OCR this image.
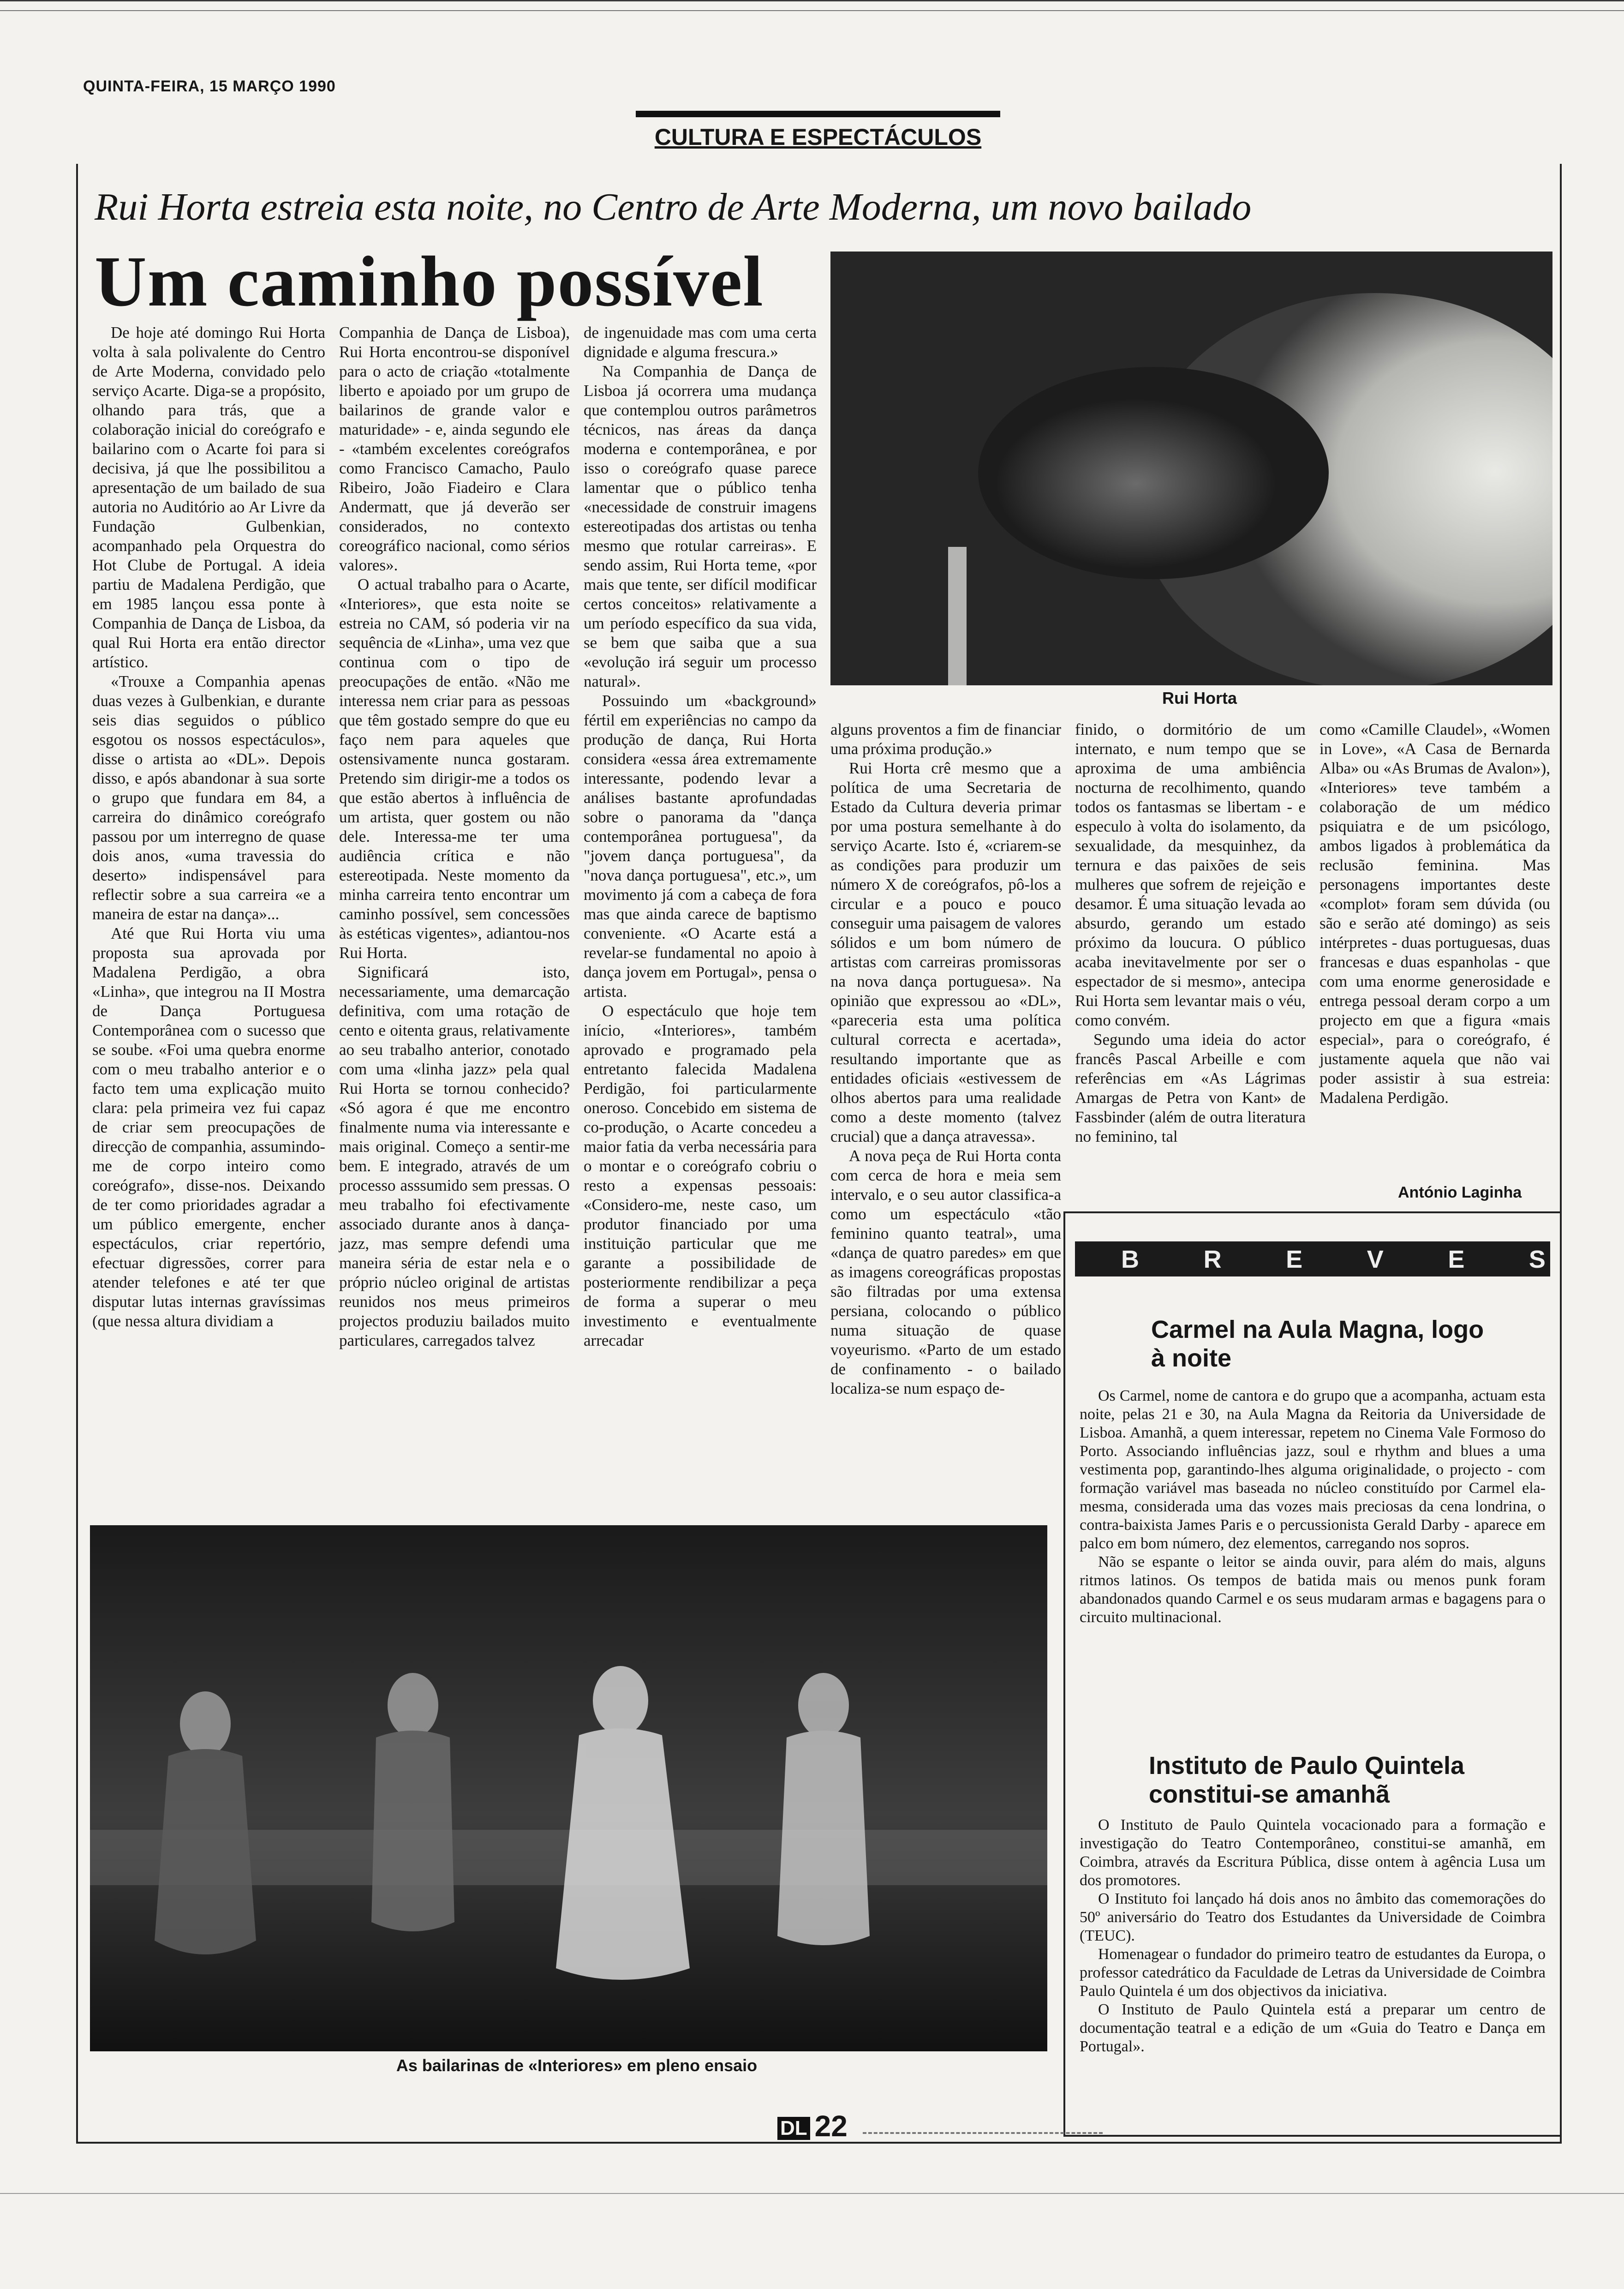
QUINTA-FEIRA, 15 MARÇO 1990
CULTURA E ESPECTÁCULOS
Rui Horta estreia esta noite, no Centro de Arte Moderna, um novo bailado
Um caminho possível
Rui Horta

De hoje até domingo Rui Horta volta à sala polivalente do Centro de Arte Moderna, convidado pelo serviço Acarte. Diga-se a propósito, olhando para trás, que a colaboração inicial do coreógrafo e bailarino com o Acarte foi para si decisiva, já que lhe possibilitou a apresentação de um bailado de sua autoria no Auditório ao Ar Livre da Fundação Gulbenkian, acompanhado pela Orquestra do Hot Clube de Portugal. A ideia partiu de Madalena Perdigão, que em 1985 lançou essa ponte à Companhia de Dança de Lisboa, da qual Rui Horta era então director artístico.

«Trouxe a Companhia apenas duas vezes à Gulbenkian, e durante seis dias seguidos o público esgotou os nossos espectáculos», disse o artista ao «DL». Depois disso, e após abandonar à sua sorte o grupo que fundara em 84, a carreira do dinâmico coreógrafo passou por um interregno de quase dois anos, «uma travessia do deserto» indispensável para reflectir sobre a sua carreira «e a maneira de estar na dança»...

Até que Rui Horta viu uma proposta sua aprovada por Madalena Perdigão, a obra «Linha», que integrou na II Mostra de Dança Portuguesa Contemporânea com o sucesso que se soube. «Foi uma quebra enorme com o meu trabalho anterior e o facto tem uma explicação muito clara: pela primeira vez fui capaz de criar sem preocupações de direcção de companhia, assumindo-me de corpo inteiro como coreógrafo», disse-nos. Deixando de ter como prioridades agradar a um público emergente, encher espectáculos, criar repertório, efectuar digressões, correr para atender telefones e até ter que disputar lutas internas gravíssimas (que nessa altura dividiam a

Companhia de Dança de Lisboa), Rui Horta encontrou-se disponível para o acto de criação «totalmente liberto e apoiado por um grupo de bailarinos de grande valor e maturidade» - e, ainda segundo ele - «também excelentes coreógrafos como Francisco Camacho, Paulo Ribeiro, João Fiadeiro e Clara Andermatt, que já deverão ser considerados, no contexto coreográfico nacional, como sérios valores».

O actual trabalho para o Acarte, «Interiores», que esta noite se estreia no CAM, só poderia vir na sequência de «Linha», uma vez que continua com o tipo de preocupações de então. «Não me interessa nem criar para as pessoas que têm gostado sempre do que eu faço nem para aqueles que ostensivamente nunca gostaram. Pretendo sim dirigir-me a todos os que estão abertos à influência de um artista, quer gostem ou não dele. Interessa-me ter uma audiência crítica e não estereotipada. Neste momento da minha carreira tento encontrar um caminho possível, sem concessões às estéticas vigentes», adiantou-nos Rui Horta.

Significará isto, necessariamente, uma demarcação definitiva, com uma rotação de cento e oitenta graus, relativamente ao seu trabalho anterior, conotado com uma «linha jazz» pela qual Rui Horta se tornou conhecido? «Só agora é que me encontro finalmente numa via interessante e mais original. Começo a sentir-me bem. E integrado, através de um processo asssumido sem pressas. O meu trabalho foi efectivamente associado durante anos à dança-jazz, mas sempre defendi uma maneira séria de estar nela e o próprio núcleo original de artistas reunidos nos meus primeiros projectos produziu bailados muito particulares, carregados talvez

de ingenuidade mas com uma certa dignidade e alguma frescura.»

Na Companhia de Dança de Lisboa já ocorrera uma mudança que contemplou outros parâmetros técnicos, nas áreas da dança moderna e contemporânea, e por isso o coreógrafo quase parece lamentar que o público tenha «necessidade de construir imagens estereotipadas dos artistas ou tenha mesmo que rotular carreiras». E sendo assim, Rui Horta teme, «por mais que tente, ser difícil modificar certos conceitos» relativamente a um período específico da sua vida, se bem que saiba que a sua «evolução irá seguir um processo natural».

Possuindo um «background» fértil em experiências no campo da produção de dança, Rui Horta considera «essa área extremamente interessante, podendo levar a análises bastante aprofundadas sobre o panorama da "dança contemporânea portuguesa", da "jovem dança portuguesa", da "nova dança portuguesa", etc.», um movimento já com a cabeça de fora mas que ainda carece de baptismo conveniente. «O Acarte está a revelar-se fundamental no apoio à dança jovem em Portugal», pensa o artista.

O espectáculo que hoje tem início, «Interiores», também aprovado e programado pela entretanto falecida Madalena Perdigão, foi particularmente oneroso. Concebido em sistema de co-produção, o Acarte concedeu a maior fatia da verba necessária para o montar e o coreógrafo cobriu o resto a expensas pessoais: «Considero-me, neste caso, um produtor financiado por uma instituição particular que me garante a possibilidade de posteriormente rendibilizar a peça de forma a superar o meu investimento e eventualmente arrecadar

alguns proventos a fim de financiar uma próxima produção.»

Rui Horta crê mesmo que a política de uma Secretaria de Estado da Cultura deveria primar por uma postura semelhante à do serviço Acarte. Isto é, «criarem-se as condições para produzir um número X de coreógrafos, pô-los a circular e a pouco e pouco conseguir uma paisagem de valores sólidos e um bom número de artistas com carreiras promissoras na nova dança portuguesa». Na opinião que expressou ao «DL», «pareceria esta uma política cultural correcta e acertada», resultando importante que as entidades oficiais «estivessem de olhos abertos para uma realidade como a deste momento (talvez crucial) que a dança atravessa».

A nova peça de Rui Horta conta com cerca de hora e meia sem intervalo, e o seu autor classifica-a como um espectáculo «tão feminino quanto teatral», uma «dança de quatro paredes» em que as imagens coreográficas propostas são filtradas por uma extensa persiana, colocando o público numa situação de quase voyeurismo. «Parto de um estado de confinamento - o bailado localiza-se num espaço de-

finido, o dormitório de um internato, e num tempo que se aproxima de uma ambiência nocturna de recolhimento, quando todos os fantasmas se libertam - e especulo à volta do isolamento, da sexualidade, da mesquinhez, da ternura e das paixões de seis mulheres que sofrem de rejeição e desamor. É uma situação levada ao absurdo, gerando um estado próximo da loucura. O público acaba inevitavelmente por ser o espectador de si mesmo», antecipa Rui Horta sem levantar mais o véu, como convém.

Segundo uma ideia do actor francês Pascal Arbeille e com referências em «As Lágrimas Amargas de Petra von Kant» de Fassbinder (além de outra literatura no feminino, tal

como «Camille Claudel», «Women in Love», «A Casa de Bernarda Alba» ou «As Brumas de Avalon»), «Interiores» teve também a colaboração de um médico psiquiatra e de um psicólogo, ambos ligados à problemática da reclusão feminina. Mas personagens importantes deste «complot» foram sem dúvida (ou são e serão até domingo) as seis intérpretes - duas portuguesas, duas francesas e duas espanholas - que com uma enorme generosidade e entrega pessoal deram corpo a um projecto em que a figura «mais especial», para o coreógrafo, é justamente aquela que não vai poder assistir à sua estreia: Madalena Perdigão.

António Laginha
As bailarinas de «Interiores» em pleno ensaio
B	R	E	V	E	S
Carmel na Aula Magna, logo à noite

Os Carmel, nome de cantora e do grupo que a acompanha, actuam esta noite, pelas 21 e 30, na Aula Magna da Reitoria da Universidade de Lisboa. Amanhã, a quem interessar, repetem no Cinema Vale Formoso do Porto. Associando influências jazz, soul e rhythm and blues a uma vestimenta pop, garantindo-lhes alguma originalidade, o projecto - com formação variável mas baseada no núcleo constituído por Carmel ela-mesma, considerada uma das vozes mais preciosas da cena londrina, o contra-baixista James Paris e o percussionista Gerald Darby - aparece em palco em bom número, dez elementos, carregando nos sopros.

Não se espante o leitor se ainda ouvir, para além do mais, alguns ritmos latinos. Os tempos de batida mais ou menos punk foram abandonados quando Carmel e os seus mudaram armas e bagagens para o circuito multinacional.

Instituto de Paulo Quintela constitui-se amanhã

O Instituto de Paulo Quintela vocacionado para a formação e investigação do Teatro Contemporâneo, constitui-se amanhã, em Coimbra, através da Escritura Pública, disse ontem à agência Lusa um dos promotores.

O Instituto foi lançado há dois anos no âmbito das comemorações do 50º aniversário do Teatro dos Estudantes da Universidade de Coimbra (TEUC).

Homenagear o fundador do primeiro teatro de estudantes da Europa, o professor catedrático da Faculdade de Letras da Universidade de Coimbra Paulo Quintela é um dos objectivos da iniciativa.

O Instituto de Paulo Quintela está a preparar um centro de documentação teatral e a edição de um «Guia do Teatro e Dança em Portugal».

DL 22
